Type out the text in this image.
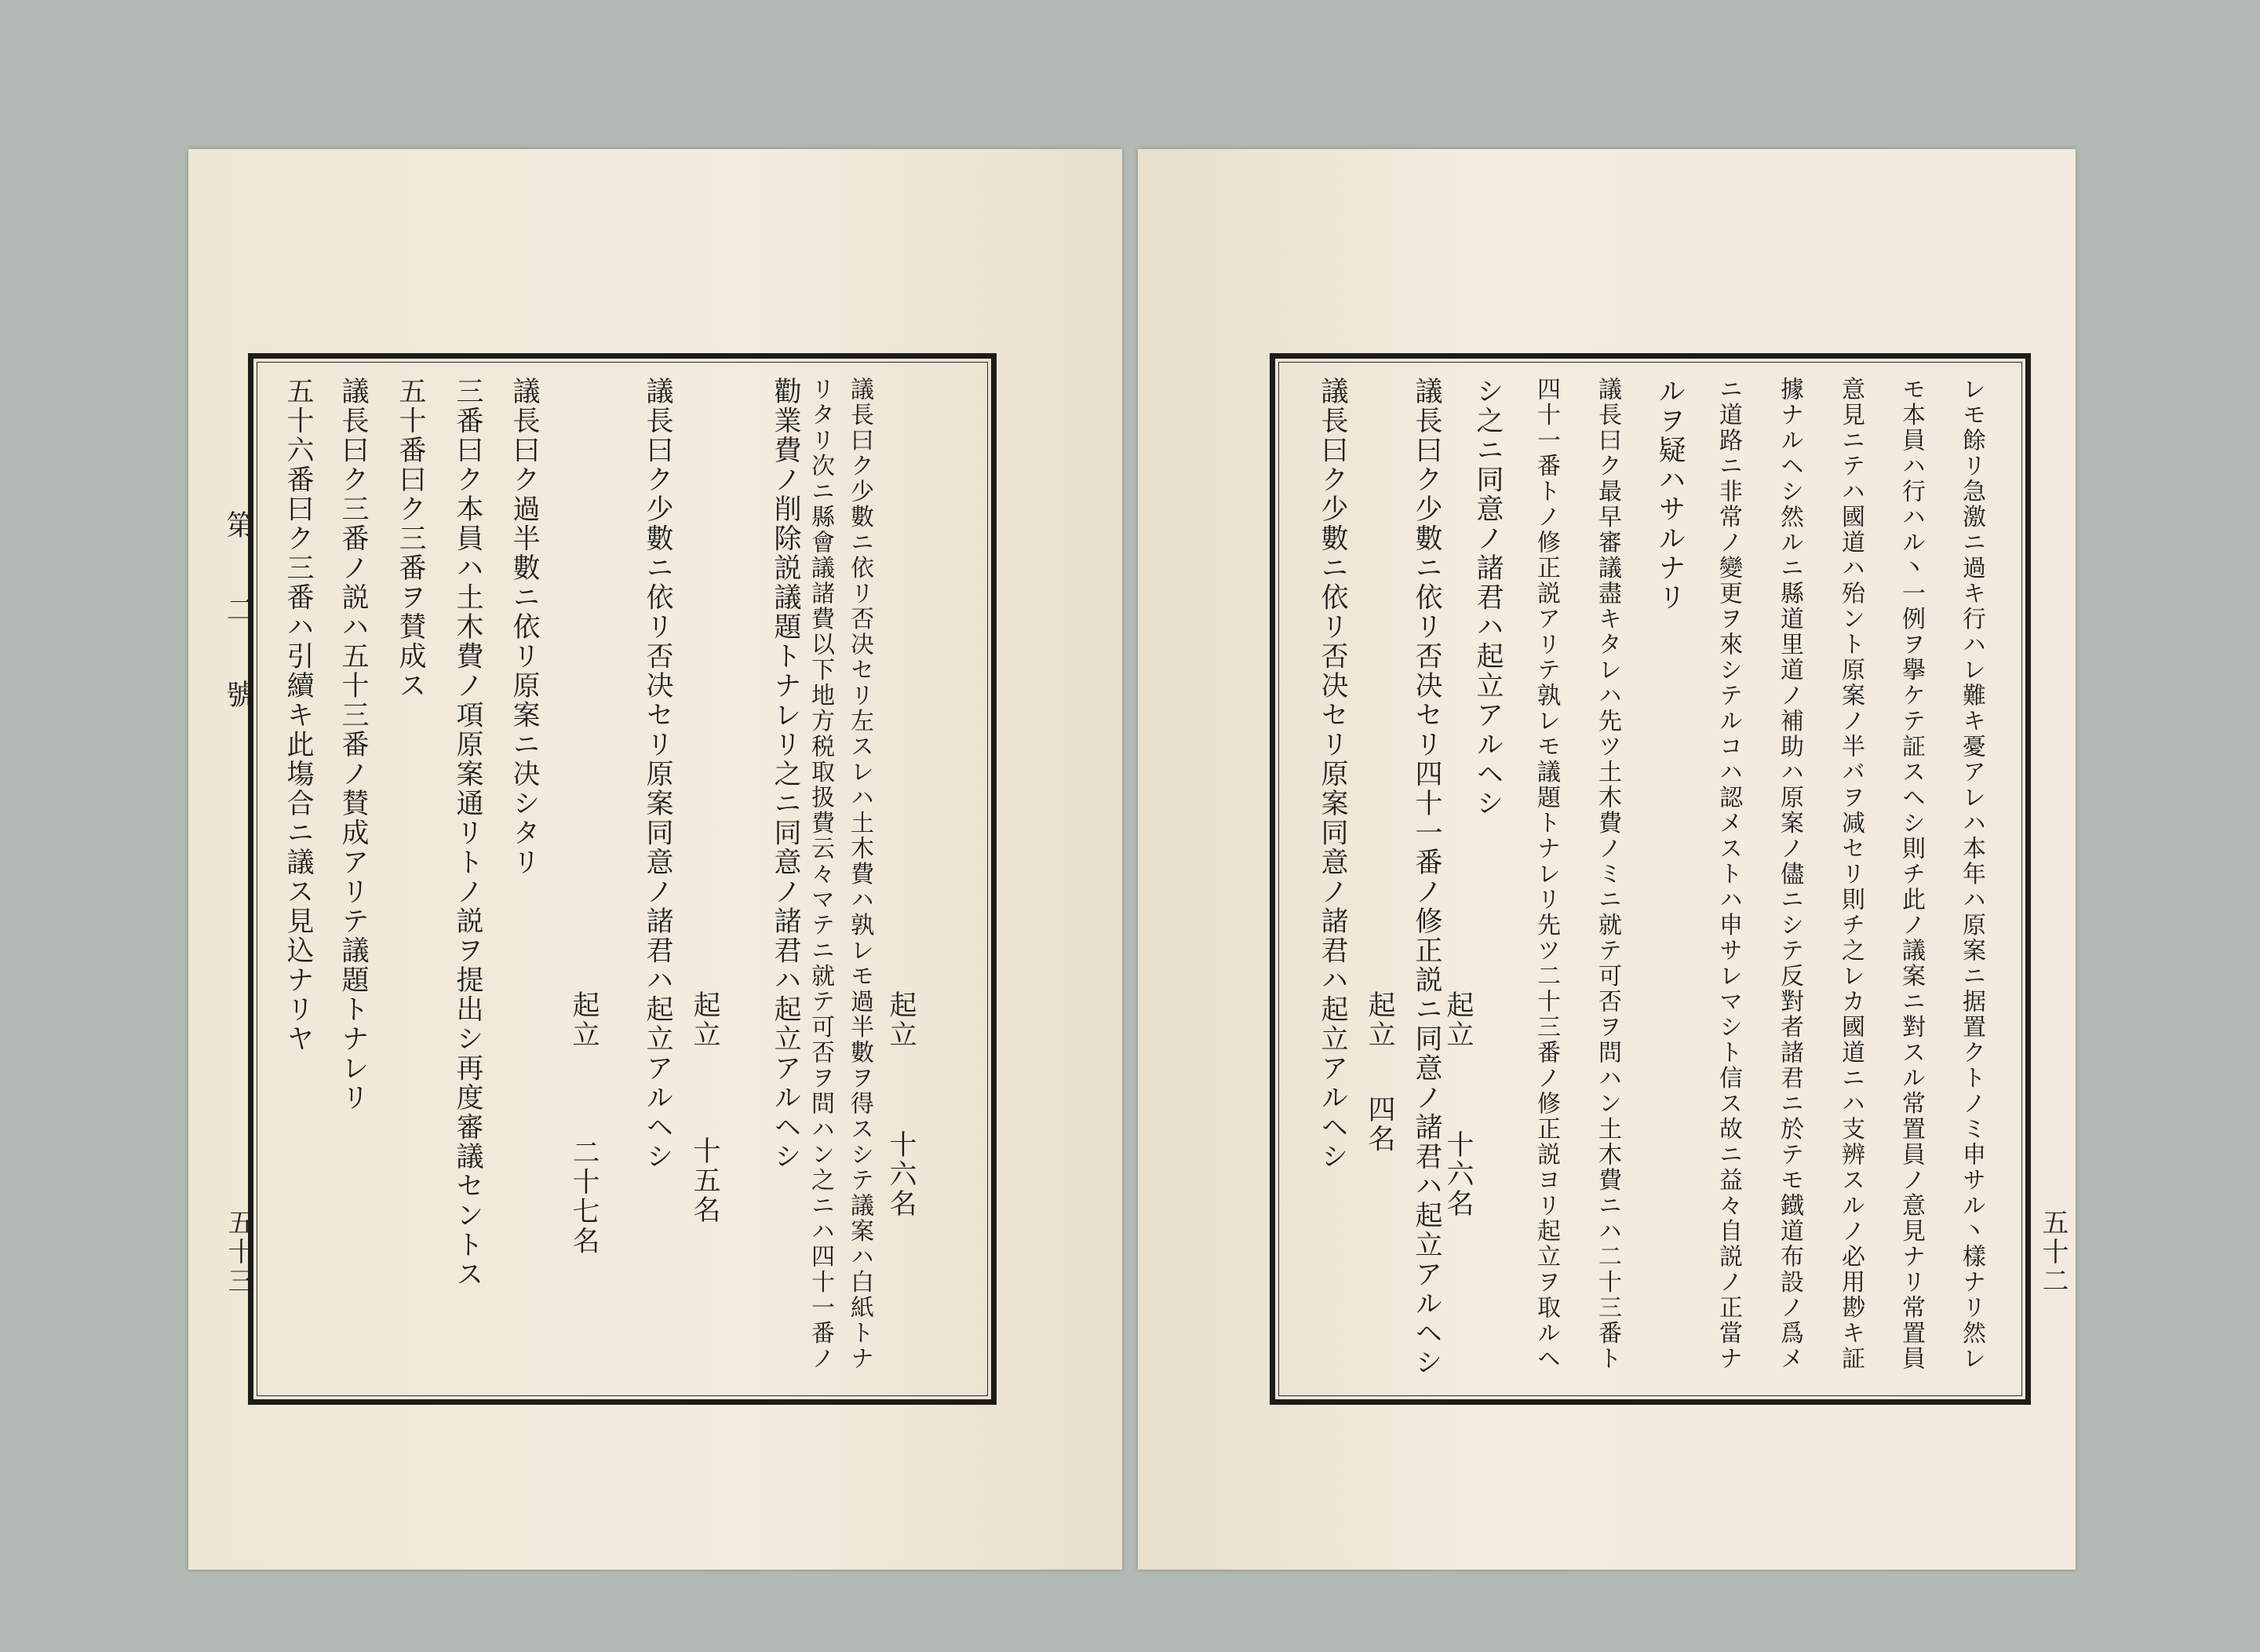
第　二　號
五十三	議長曰ク少數ニ依リ否决セリ左スレハ土木費ハ孰レモ過半數ヲ得スシテ議案ハ白紙トナ
リタリ次ニ縣會議諸費以下地方税取扱費云々マテニ就テ可否ヲ問ハン之ニハ四十一番ノ
勸業費ノ削除説議題トナレリ之ニ同意ノ諸君ハ起立アルヘシ
議長曰ク少數ニ依リ否决セリ原案同意ノ諸君ハ起立アルヘシ
議長曰ク過半數ニ依リ原案ニ决シタリ
三番曰ク本員ハ土木費ノ項原案通リトノ説ヲ提出シ再度審議セントス
五十番曰ク三番ヲ賛成ス
議長曰ク三番ノ説ハ五十三番ノ賛成アリテ議題トナレリ
五十六番曰ク三番ハ引續キ此塲合ニ議ス見込ナリヤ	起立
十六名
起立
十五名
起立
二十七名	五十二
レモ餘リ急激ニ過キ行ハレ難キ憂アレハ本年ハ原案ニ据置クトノミ申サル丶樣ナリ然レ
モ本員ハ行ハル丶一例ヲ擧ケテ証スヘシ則チ此ノ議案ニ對スル常置員ノ意見ナリ常置員
意見ニテハ國道ハ殆ント原案ノ半バヲ减セリ則チ之レカ國道ニハ支辨スルノ必用尠キ証
據ナルヘシ然ルニ縣道里道ノ補助ハ原案ノ儘ニシテ反對者諸君ニ於テモ鐡道布設ノ爲メ
ニ道路ニ非常ノ變更ヲ來シテルコハ認メストハ申サレマシト信ス故ニ益々自説ノ正當ナ
ルヲ疑ハサルナリ
議長曰ク最早審議盡キタレハ先ツ土木費ノミニ就テ可否ヲ問ハン土木費ニハ二十三番ト
四十一番トノ修正説アリテ孰レモ議題トナレリ先ツ二十三番ノ修正説ヨリ起立ヲ取ルヘ
シ之ニ同意ノ諸君ハ起立アルヘシ
議長曰ク少數ニ依リ否决セリ四十一番ノ修正説ニ同意ノ諸君ハ起立アルヘシ
議長曰ク少數ニ依リ否决セリ原案同意ノ諸君ハ起立アルヘシ	起立
十六名
起立
四名
